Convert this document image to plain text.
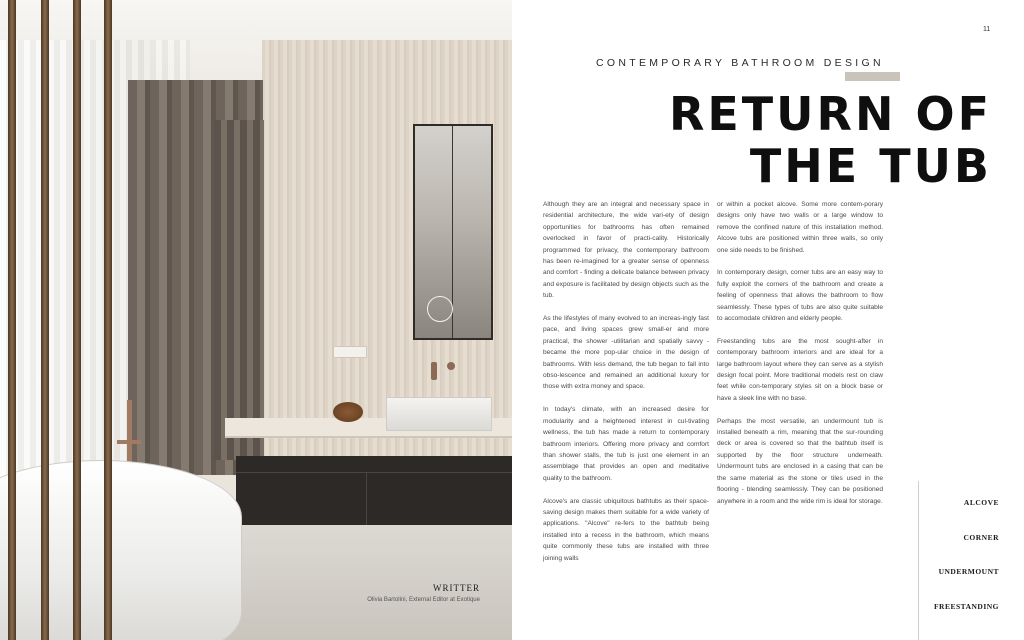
WRITTER
Olivia Bartolini, External Editor at Exotique
11
CONTEMPORARY BATHROOM DESIGN
RETURN OF
THE TUB

Although they are an integral and necessary space in residential architecture, the wide vari-ety of design opportunities for bathrooms has often remained overlocked in favor of practi-cality. Historically programmed for privacy, the contemporary bathroom has been re-imagined for a greater sense of openness and comfort - finding a delicate balance between privacy and exposure is facilitated by design objects such as the tub.

As the lifestyles of many evolved to an increas-ingly fast pace, and living spaces grew small-er and more practical, the shower -utilitarian and spatially savvy - became the more pop-ular choice in the design of bathrooms. With less demand, the tub began to fall into obso-lescence and remained an additional luxury for those with extra money and space.

In today's climate, with an increased desire for modularity and a heightened interest in cul-tivating wellness, the tub has made a return to contemporary bathroom interiors. Offering more privacy and comfort than shower stalls, the tub is just one element in an assemblage that provides an open and meditative quality to the bathroom.

Alcove's are classic ubiquitous bathtubs as their space-saving design makes them suitable for a wide variety of applications. "Alcove" re-fers to the bathtub being installed into a recess in the bathroom, which means quite commonly these tubs are installed with three joining walls

or within a pocket alcove. Some more contem-porary designs only have two walls or a large window to remove the confined nature of this installation method. Alcove tubs are positioned within three walls, so only one side needs to be finished.

In contemporary design, corner tubs are an easy way to fully exploit the corners of the bathroom and create a feeling of openness that allows the bathroom to flow seamlessly. These types of tubs are also quite suitable to accomodate children and elderly people.

Freestanding tubs are the most sought-after in contemporary bathroom interiors and are ideal for a large bathroom layout where they can serve as a stylish design focal point. More traditional models rest on claw feet while con-temporary styles sit on a block base or have a sleek line with no base.

Perhaps the most versatile, an undermount tub is installed beneath a rim, meaning that the sur-rounding deck or area is covered so that the bathtub itself is supported by the floor structure underneath. Undermount tubs are enclosed in a casing that can be the same material as the stone or tiles used in the flooring - blending seamlessly. They can be positioned anywhere in a room and the wide rim is ideal for storage.	ALCOVE
CORNER
UNDERMOUNT
FREESTANDING
